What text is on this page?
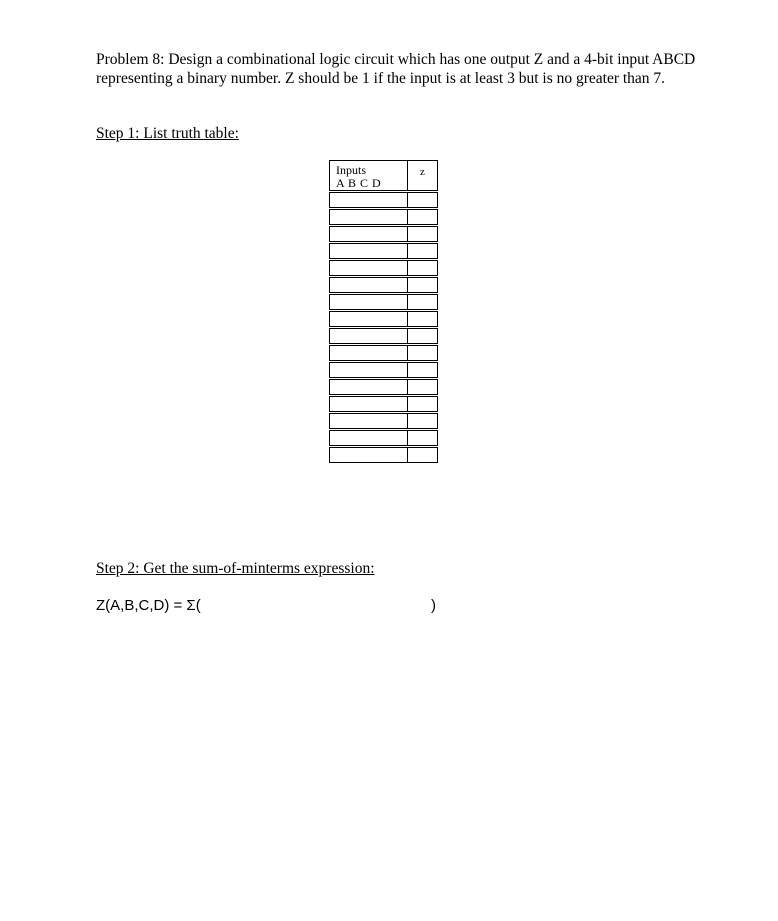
Problem 8: Design a combinational logic circuit which has one output Z and a 4-bit input ABCD representing a binary number. Z should be 1 if the input is at least 3 but is no greater than 7.

Step 1: List truth table:

Inputs
A B C D	z

Step 2: Get the sum-of-minterms expression:

Z(A,B,C,D) = Σ(	)
